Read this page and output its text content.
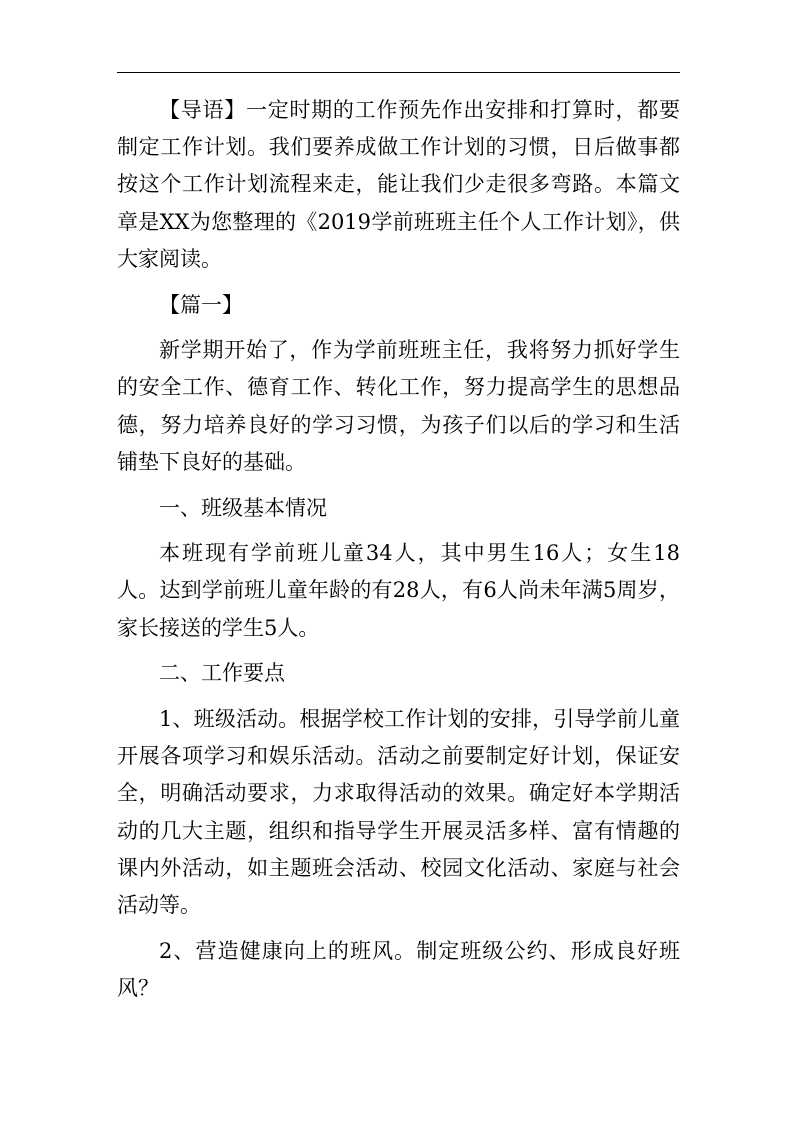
【导语】一定时期的工作预先作出安排和打算时，都要制定工作计划。我们要养成做工作计划的习惯，日后做事都按这个工作计划流程来走，能让我们少走很多弯路。本篇文章是XX为您整理的《2019学前班班主任个人工作计划》，供大家阅读。

【篇一】

新学期开始了，作为学前班班主任，我将努力抓好学生的安全工作、德育工作、转化工作，努力提高学生的思想品德，努力培养良好的学习习惯，为孩子们以后的学习和生活铺垫下良好的基础。

一、班级基本情况

本班现有学前班儿童34人，其中男生16人；女生18人。达到学前班儿童年龄的有28人，有6人尚未年满5周岁，家长接送的学生5人。

二、工作要点

1、班级活动。根据学校工作计划的安排，引导学前儿童开展各项学习和娱乐活动。活动之前要制定好计划，保证安全，明确活动要求，力求取得活动的效果。确定好本学期活动的几大主题，组织和指导学生开展灵活多样、富有情趣的课内外活动，如主题班会活动、校园文化活动、家庭与社会活动等。

2、营造健康向上的班风。制定班级公约、形成良好班风？
